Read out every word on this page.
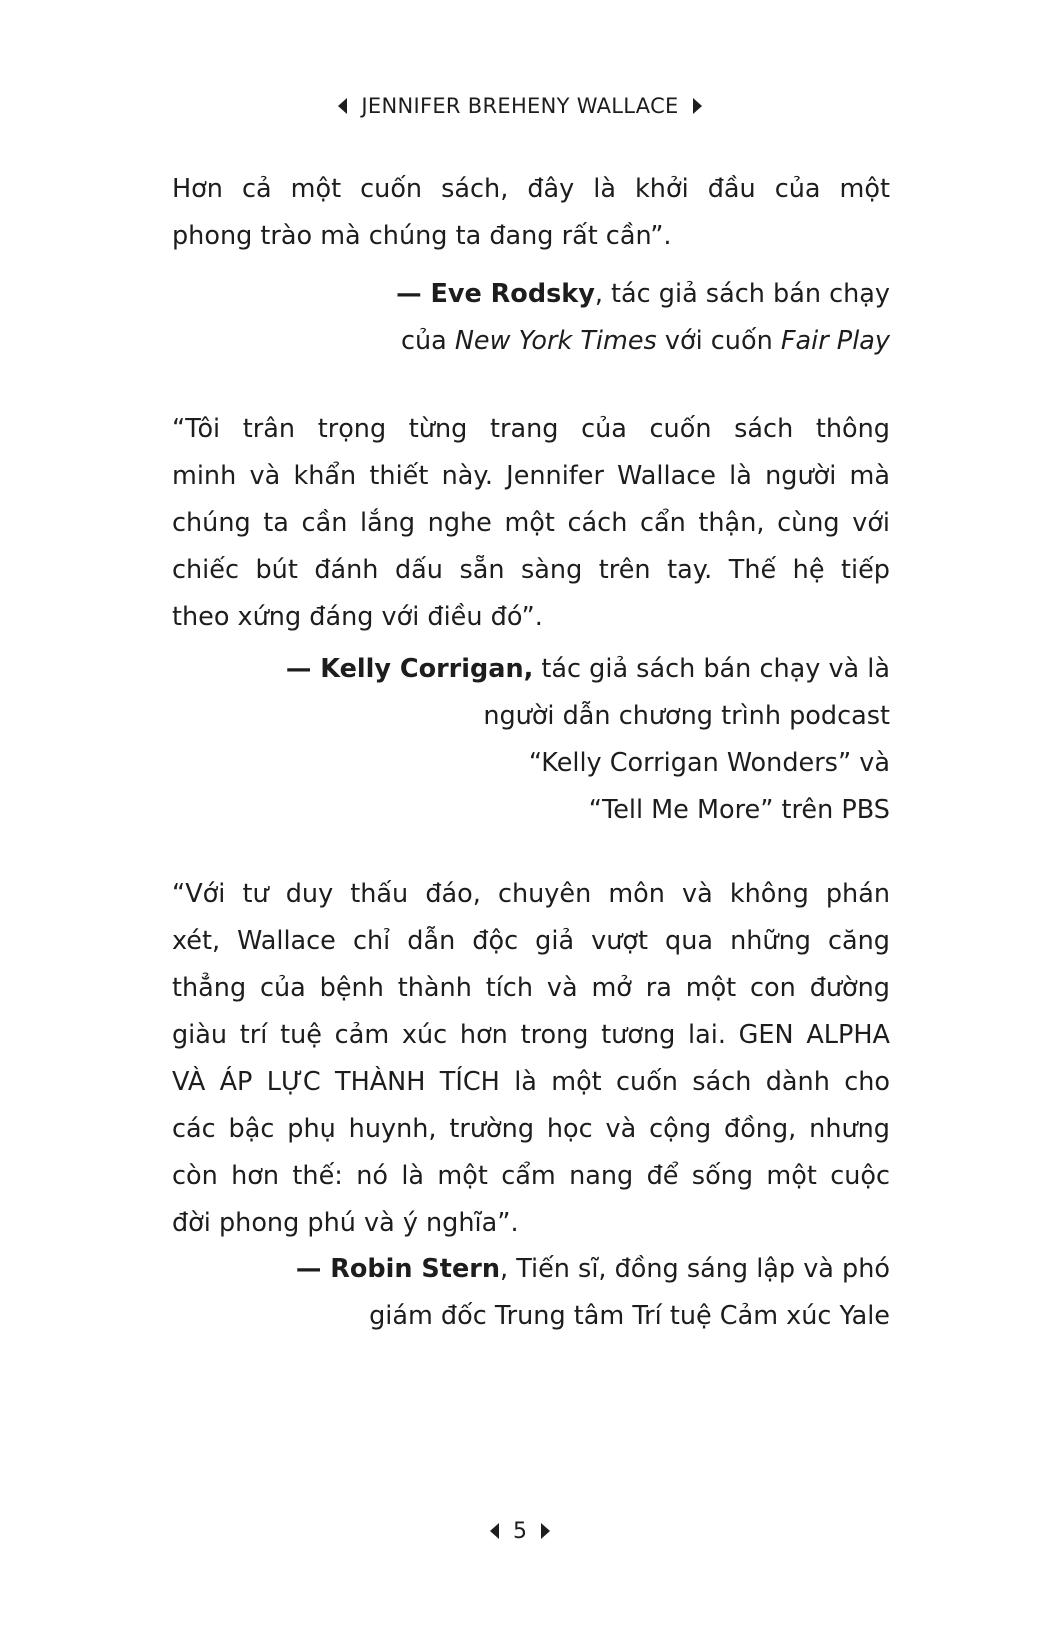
JENNIFER BREHENY WALLACE
Hơn cả một cuốn sách, đây là khởi đầu của một
phong trào mà chúng ta đang rất cần”.
— Eve Rodsky, tác giả sách bán chạy
của New York Times với cuốn Fair Play
“Tôi trân trọng từng trang của cuốn sách thông
minh và khẩn thiết này. Jennifer Wallace là người mà
chúng ta cần lắng nghe một cách cẩn thận, cùng với
chiếc bút đánh dấu sẵn sàng trên tay. Thế hệ tiếp
theo xứng đáng với điều đó”.
— Kelly Corrigan, tác giả sách bán chạy và là
người dẫn chương trình podcast
“Kelly Corrigan Wonders” và
“Tell Me More” trên PBS
“Với tư duy thấu đáo, chuyên môn và không phán
xét, Wallace chỉ dẫn độc giả vượt qua những căng
thẳng của bệnh thành tích và mở ra một con đường
giàu trí tuệ cảm xúc hơn trong tương lai. GEN ALPHA
VÀ ÁP LỰC THÀNH TÍCH là một cuốn sách dành cho
các bậc phụ huynh, trường học và cộng đồng, nhưng
còn hơn thế: nó là một cẩm nang để sống một cuộc
đời phong phú và ý nghĩa”.
— Robin Stern, Tiến sĩ, đồng sáng lập và phó
giám đốc Trung tâm Trí tuệ Cảm xúc Yale
5
